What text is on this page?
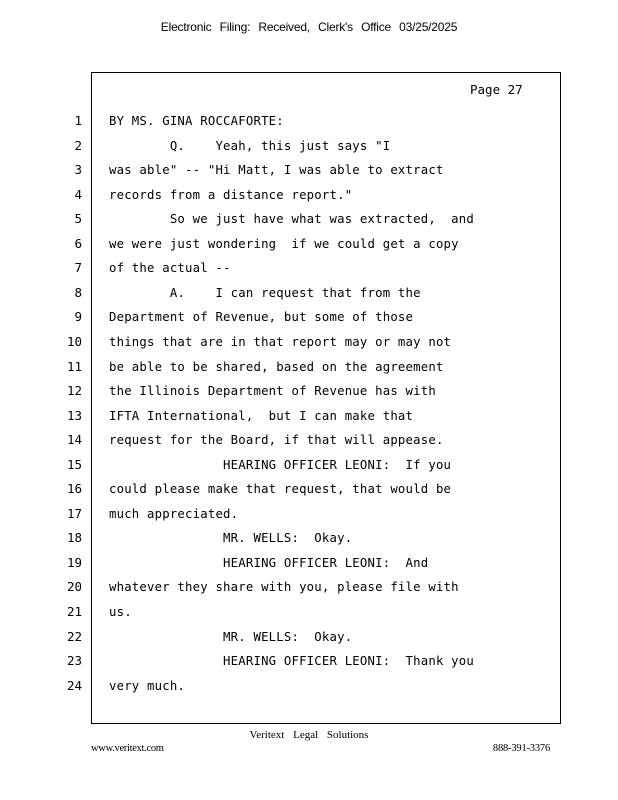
Electronic Filing: Received, Clerk's Office 03/25/2025
Page 27
1 BY MS. GINA ROCCAFORTE:
2 Q.    Yeah, this just says "I
3 was able" -- "Hi Matt, I was able to extract
4 records from a distance report."
5 So we just have what was extracted,  and
6 we were just wondering  if we could get a copy
7 of the actual --
8 A.    I can request that from the
9 Department of Revenue, but some of those
10 things that are in that report may or may not
11 be able to be shared, based on the agreement
12 the Illinois Department of Revenue has with
13 IFTA International,  but I can make that
14 request for the Board, if that will appease.
15 HEARING OFFICER LEONI:  If you
16 could please make that request, that would be
17 much appreciated.
18 MR. WELLS:  Okay.
19 HEARING OFFICER LEONI:  And
20 whatever they share with you, please file with
21 us.
22 MR. WELLS:  Okay.
23 HEARING OFFICER LEONI:  Thank you
24 very much.
Veritext Legal Solutions
www.veritext.com	888-391-3376
